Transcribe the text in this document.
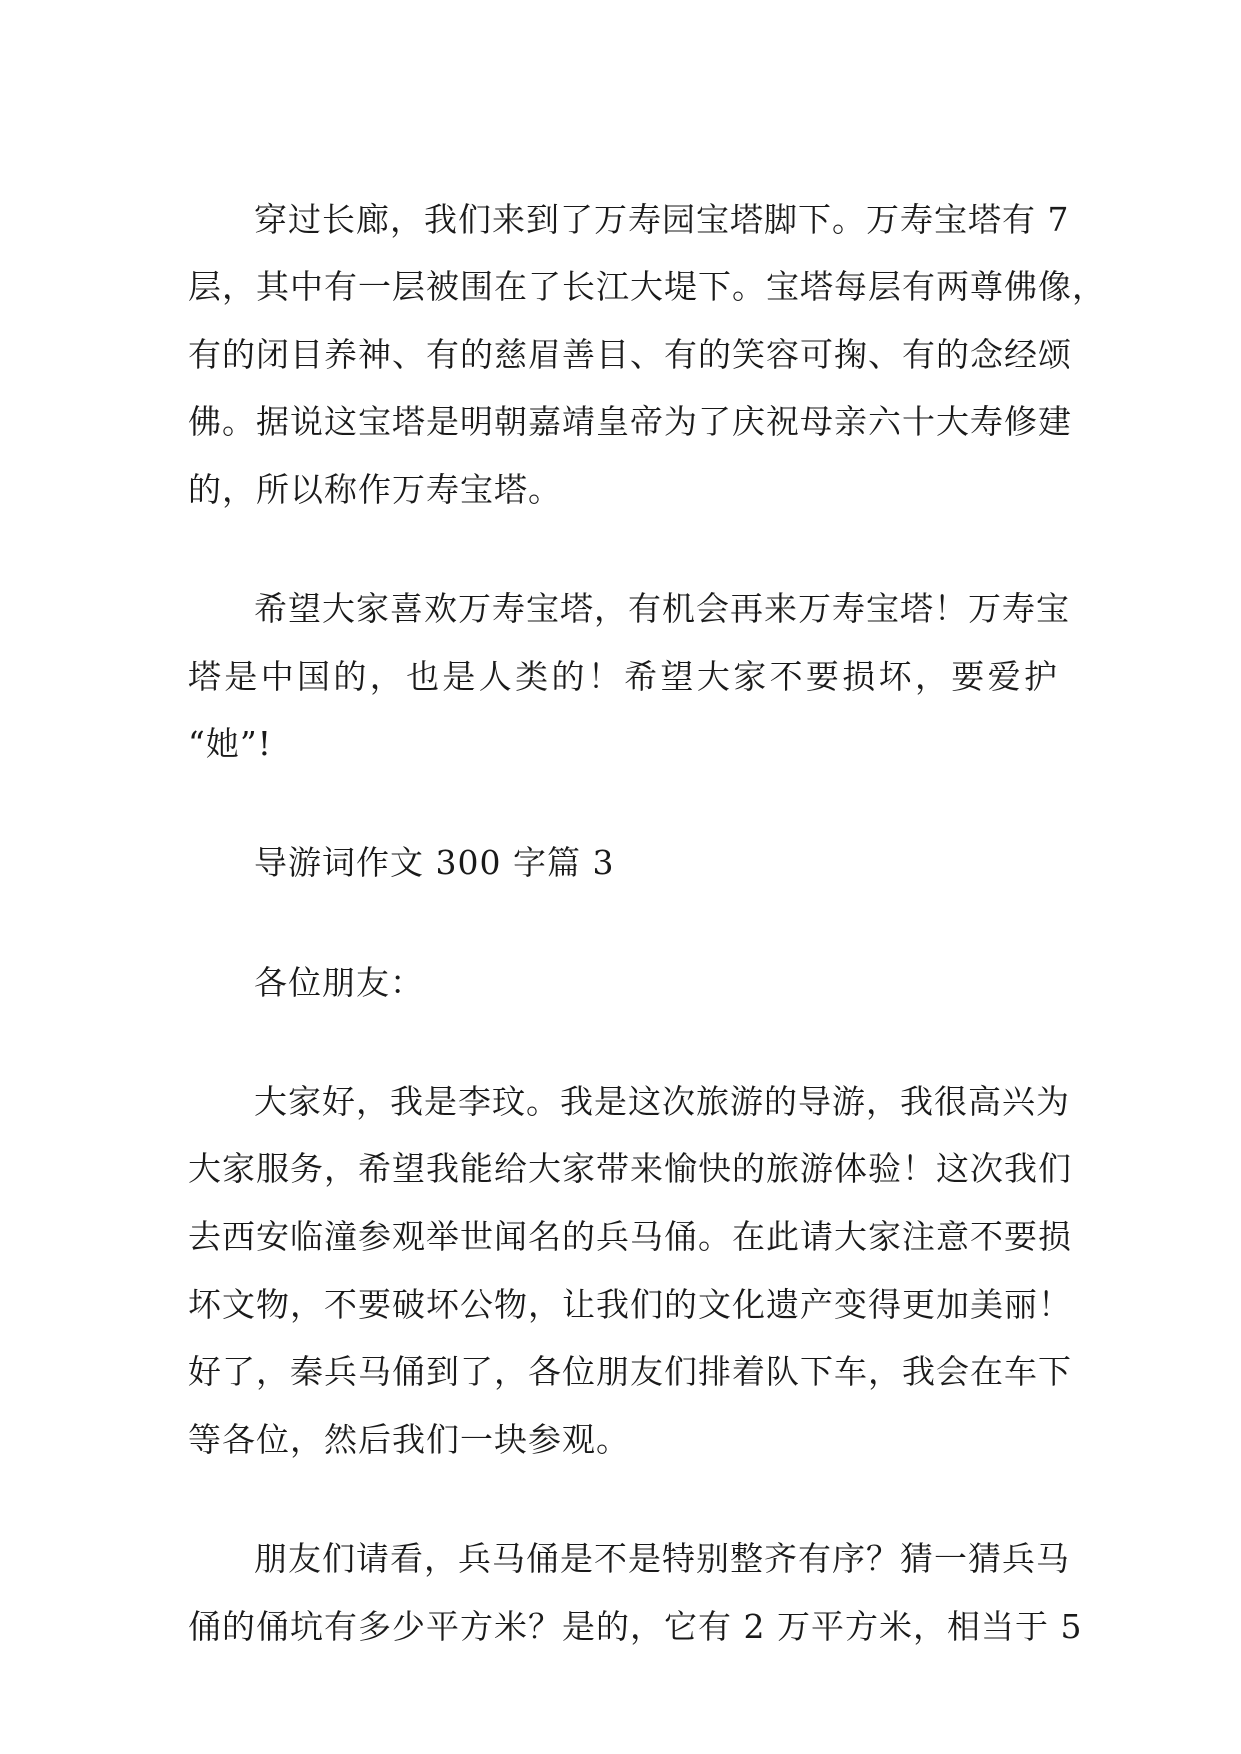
穿过长廊，我们来到了万寿园宝塔脚下。万寿宝塔有 7
层，其中有一层被围在了长江大堤下。宝塔每层有两尊佛像，
有的闭目养神、有的慈眉善目、有的笑容可掬、有的念经颂
佛。据说这宝塔是明朝嘉靖皇帝为了庆祝母亲六十大寿修建
的，所以称作万寿宝塔。
希望大家喜欢万寿宝塔，有机会再来万寿宝塔！万寿宝
塔是中国的，也是人类的！希望大家不要损坏，要爱护
“她”!
导游词作文 300 字篇 3
各位朋友：
大家好，我是李玟。我是这次旅游的导游，我很高兴为
大家服务，希望我能给大家带来愉快的旅游体验！这次我们
去西安临潼参观举世闻名的兵马俑。在此请大家注意不要损
坏文物，不要破坏公物，让我们的文化遗产变得更加美丽！
好了，秦兵马俑到了，各位朋友们排着队下车，我会在车下
等各位，然后我们一块参观。
朋友们请看，兵马俑是不是特别整齐有序？猜一猜兵马
俑的俑坑有多少平方米？是的，它有 2 万平方米，相当于 5
